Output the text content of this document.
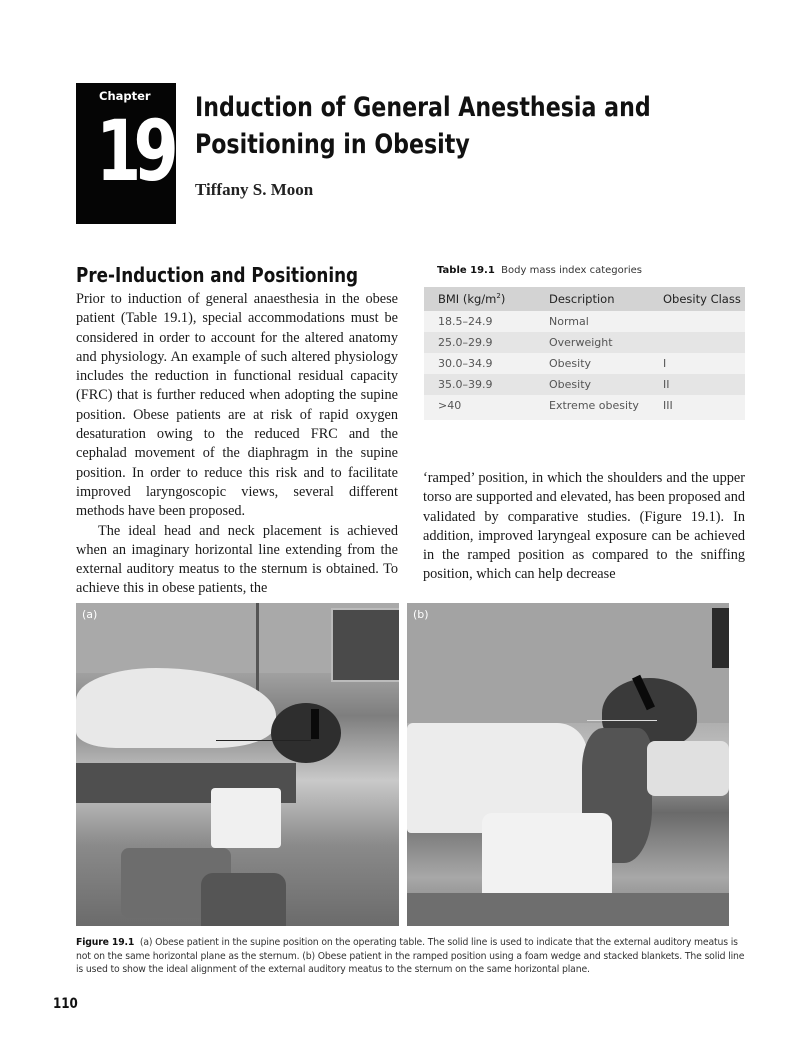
Chapter
19 Induction of General Anesthesia and
Positioning in Obesity
Tiffany S. Moon
Pre-Induction and Positioning

Prior to induction of general anaesthesia in the obese patient (Table 19.1), special accommodations must be considered in order to account for the altered anatomy and physiology. An example of such altered physiology includes the reduction in functional residual capacity (FRC) that is further reduced when adopting the supine position. Obese patients are at risk of rapid oxygen desaturation owing to the reduced FRC and the cephalad movement of the diaphragm in the supine position. In order to reduce this risk and to facilitate improved laryngoscopic views, several different methods have been proposed.

The ideal head and neck placement is achieved when an imaginary horizontal line extending from the external auditory meatus to the sternum is obtained. To achieve this in obese patients, the

Table 19.1 Body mass index categories
BMI $(kg/m^2)$	Description	Obesity Class
18.5–24.9	Normal	
25.0–29.9	Overweight	
30.0–34.9	Obesity	I
35.0–39.9	Obesity	II
>40	Extreme obesity	III

‘ramped’ position, in which the shoulders and the upper torso are supported and elevated, has been proposed and validated by comparative studies. (Figure 19.1). In addition, improved laryngeal exposure can be achieved in the ramped position as compared to the sniffing position, which can help decrease

(a)	(b)
Figure 19.1 (a) Obese patient in the supine position on the operating table. The solid line is used to indicate that the external auditory meatus is not on the same horizontal plane as the sternum. (b) Obese patient in the ramped position using a foam wedge and stacked blankets. The solid line is used to show the ideal alignment of the external auditory meatus to the sternum on the same horizontal plane.
110
